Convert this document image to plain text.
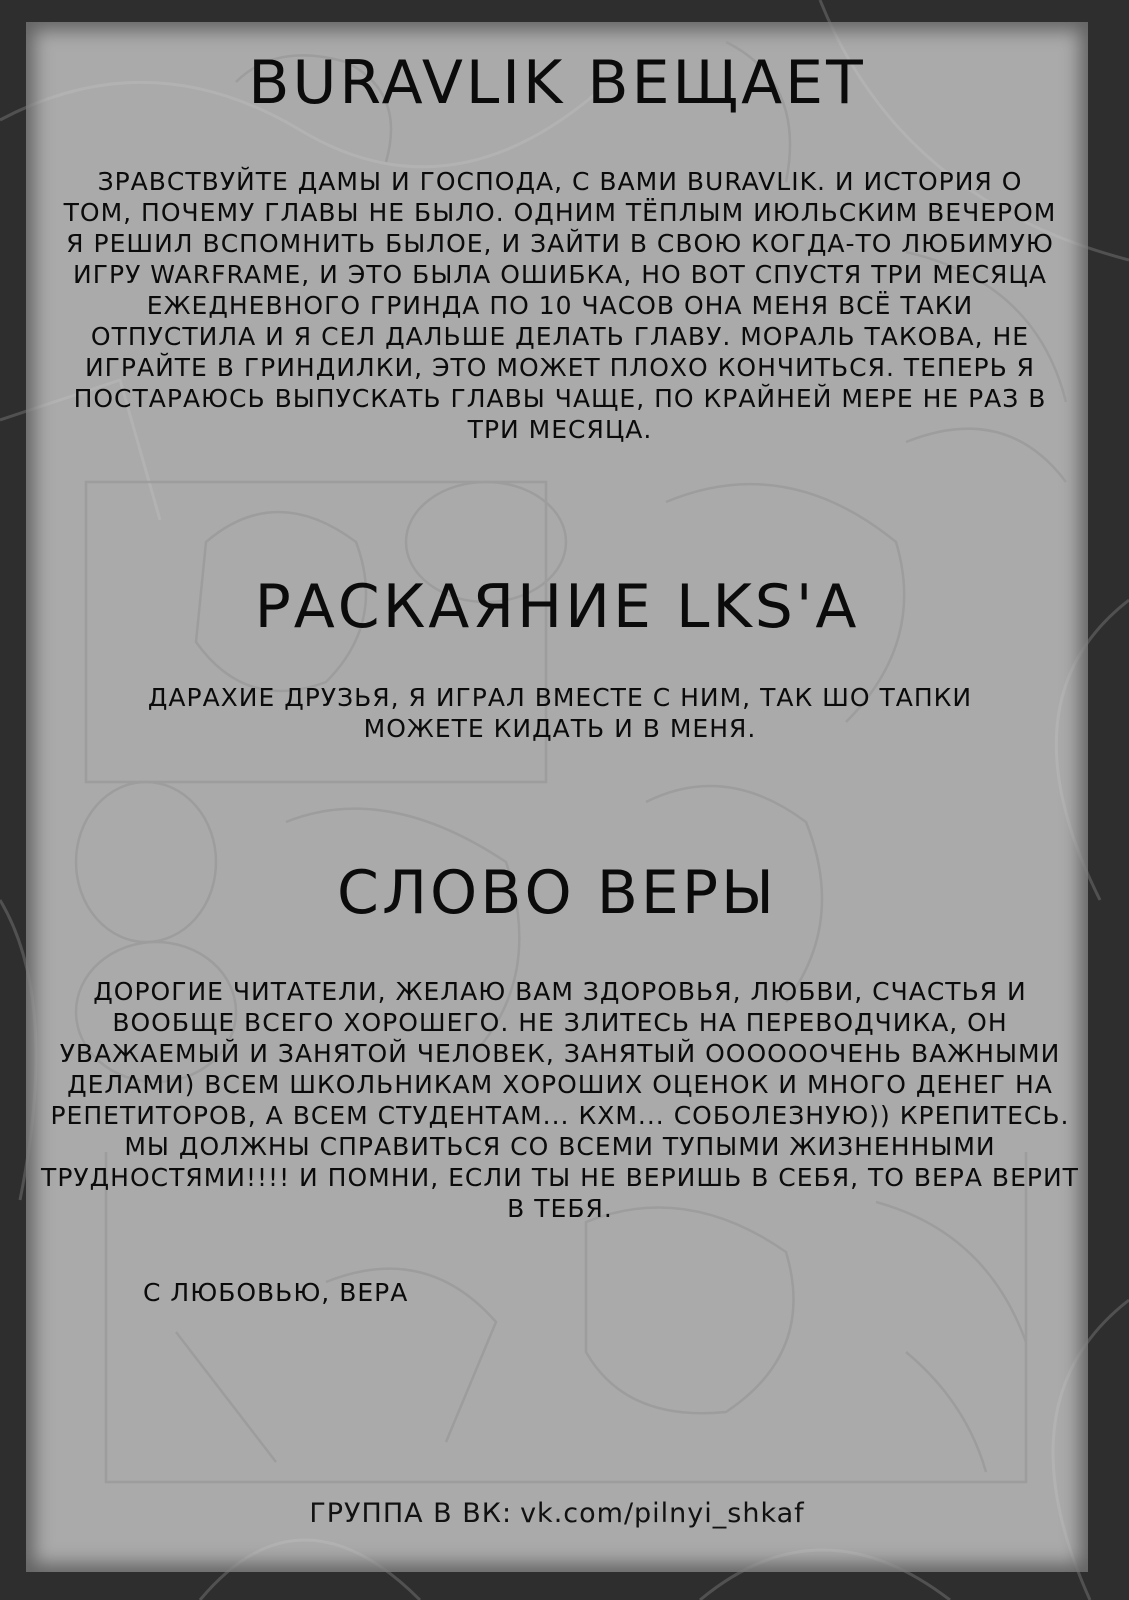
BURAVLIK ВЕЩАЕТ
ЗРАВСТВУЙТЕ ДАМЫ И ГОСПОДА, С ВАМИ BURAVLIK. И ИСТОРИЯ О ТОМ, ПОЧЕМУ ГЛАВЫ НЕ БЫЛО. ОДНИМ ТЁПЛЫМ ИЮЛЬСКИМ ВЕЧЕРОМ Я РЕШИЛ ВСПОМНИТЬ БЫЛОЕ, И ЗАЙТИ В СВОЮ КОГДА-ТО ЛЮБИМУЮ ИГРУ WARFRAME, И ЭТО БЫЛА ОШИБКА, НО ВОТ СПУСТЯ ТРИ МЕСЯЦА ЕЖЕДНЕВНОГО ГРИНДА ПО 10 ЧАСОВ ОНА МЕНЯ ВСЁ ТАКИ ОТПУСТИЛА И Я СЕЛ ДАЛЬШЕ ДЕЛАТЬ ГЛАВУ. МОРАЛЬ ТАКОВА, НЕ ИГРАЙТЕ В ГРИНДИЛКИ, ЭТО МОЖЕТ ПЛОХО КОНЧИТЬСЯ. ТЕПЕРЬ Я ПОСТАРАЮСЬ ВЫПУСКАТЬ ГЛАВЫ ЧАЩЕ, ПО КРАЙНЕЙ МЕРЕ НЕ РАЗ В ТРИ МЕСЯЦА.
РАСКАЯНИЕ LKS'А
ДАРАХИЕ ДРУЗЬЯ, Я ИГРАЛ ВМЕСТЕ С НИМ, ТАК ШО ТАПКИ МОЖЕТЕ КИДАТЬ И В МЕНЯ.
СЛОВО ВЕРЫ
ДОРОГИЕ ЧИТАТЕЛИ, ЖЕЛАЮ ВАМ ЗДОРОВЬЯ, ЛЮБВИ, СЧАСТЬЯ И ВООБЩЕ ВСЕГО ХОРОШЕГО. НЕ ЗЛИТЕСЬ НА ПЕРЕВОДЧИКА, ОН УВАЖАЕМЫЙ И ЗАНЯТОЙ ЧЕЛОВЕК, ЗАНЯТЫЙ ООООООЧЕНЬ ВАЖНЫМИ ДЕЛАМИ) ВСЕМ ШКОЛЬНИКАМ ХОРОШИХ ОЦЕНОК И МНОГО ДЕНЕГ НА РЕПЕТИТОРОВ, А ВСЕМ СТУДЕНТАМ... КХМ... СОБОЛЕЗНУЮ)) КРЕПИТЕСЬ. МЫ ДОЛЖНЫ СПРАВИТЬСЯ СО ВСЕМИ ТУПЫМИ ЖИЗНЕННЫМИ ТРУДНОСТЯМИ!!!! И ПОМНИ, ЕСЛИ ТЫ НЕ ВЕРИШЬ В СЕБЯ, ТО ВЕРА ВЕРИТ В ТЕБЯ.
С ЛЮБОВЬЮ, ВЕРА
ГРУППА В ВК: vk.com/pilnyi_shkaf
